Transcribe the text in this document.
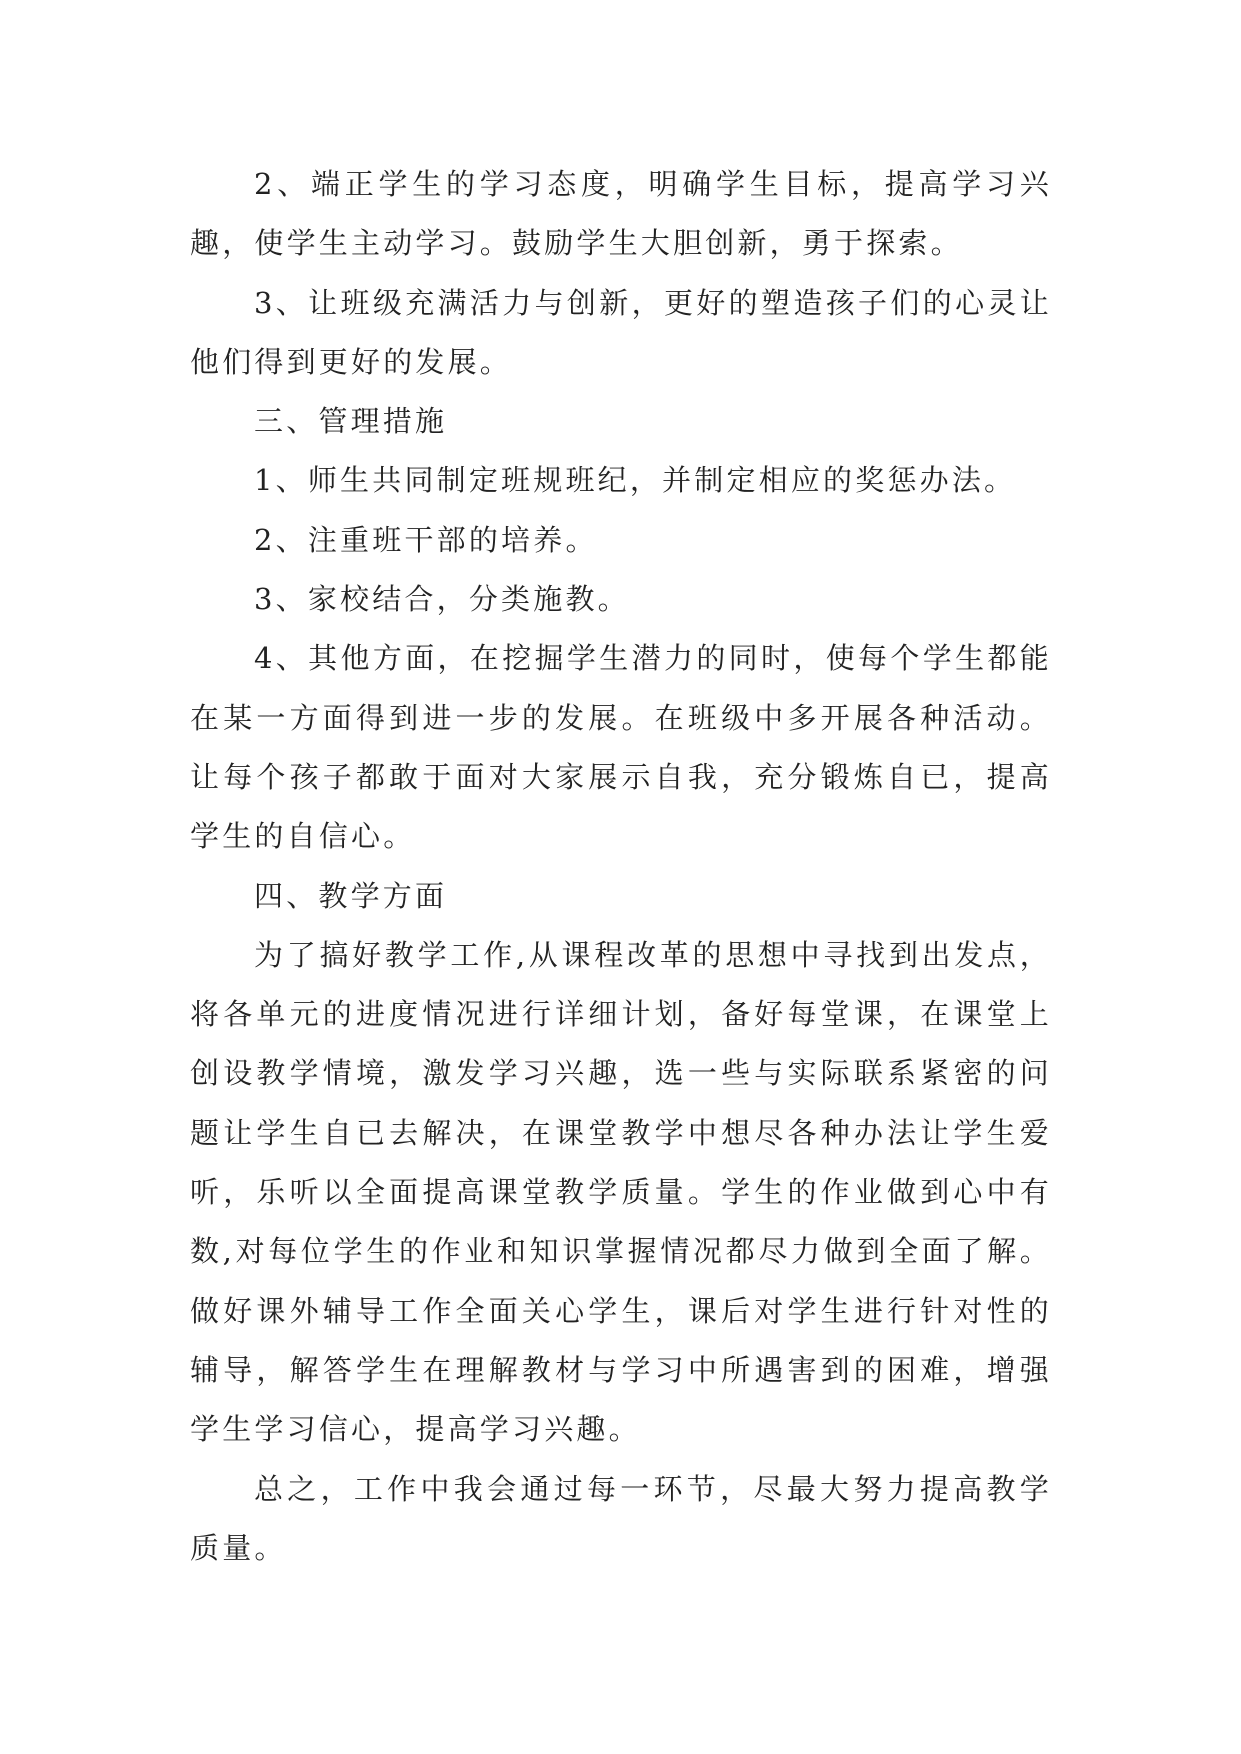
2、端正学生的学习态度，明确学生目标，提高学习兴趣，使学生主动学习。鼓励学生大胆创新，勇于探索。

3、让班级充满活力与创新，更好的塑造孩子们的心灵让他们得到更好的发展。

三、管理措施

1、师生共同制定班规班纪，并制定相应的奖惩办法。

2、注重班干部的培养。

3、家校结合，分类施教。

4、其他方面，在挖掘学生潜力的同时，使每个学生都能在某一方面得到进一步的发展。在班级中多开展各种活动。让每个孩子都敢于面对大家展示自我，充分锻炼自已，提高学生的自信心。

四、教学方面

为了搞好教学工作,从课程改革的思想中寻找到出发点，将各单元的进度情况进行详细计划，备好每堂课，在课堂上创设教学情境，激发学习兴趣，选一些与实际联系紧密的问题让学生自已去解决，在课堂教学中想尽各种办法让学生爱听，乐听以全面提高课堂教学质量。学生的作业做到心中有数,对每位学生的作业和知识掌握情况都尽力做到全面了解。做好课外辅导工作全面关心学生，课后对学生进行针对性的辅导，解答学生在理解教材与学习中所遇害到的困难，增强学生学习信心，提高学习兴趣。

总之，工作中我会通过每一环节，尽最大努力提高教学质量。
